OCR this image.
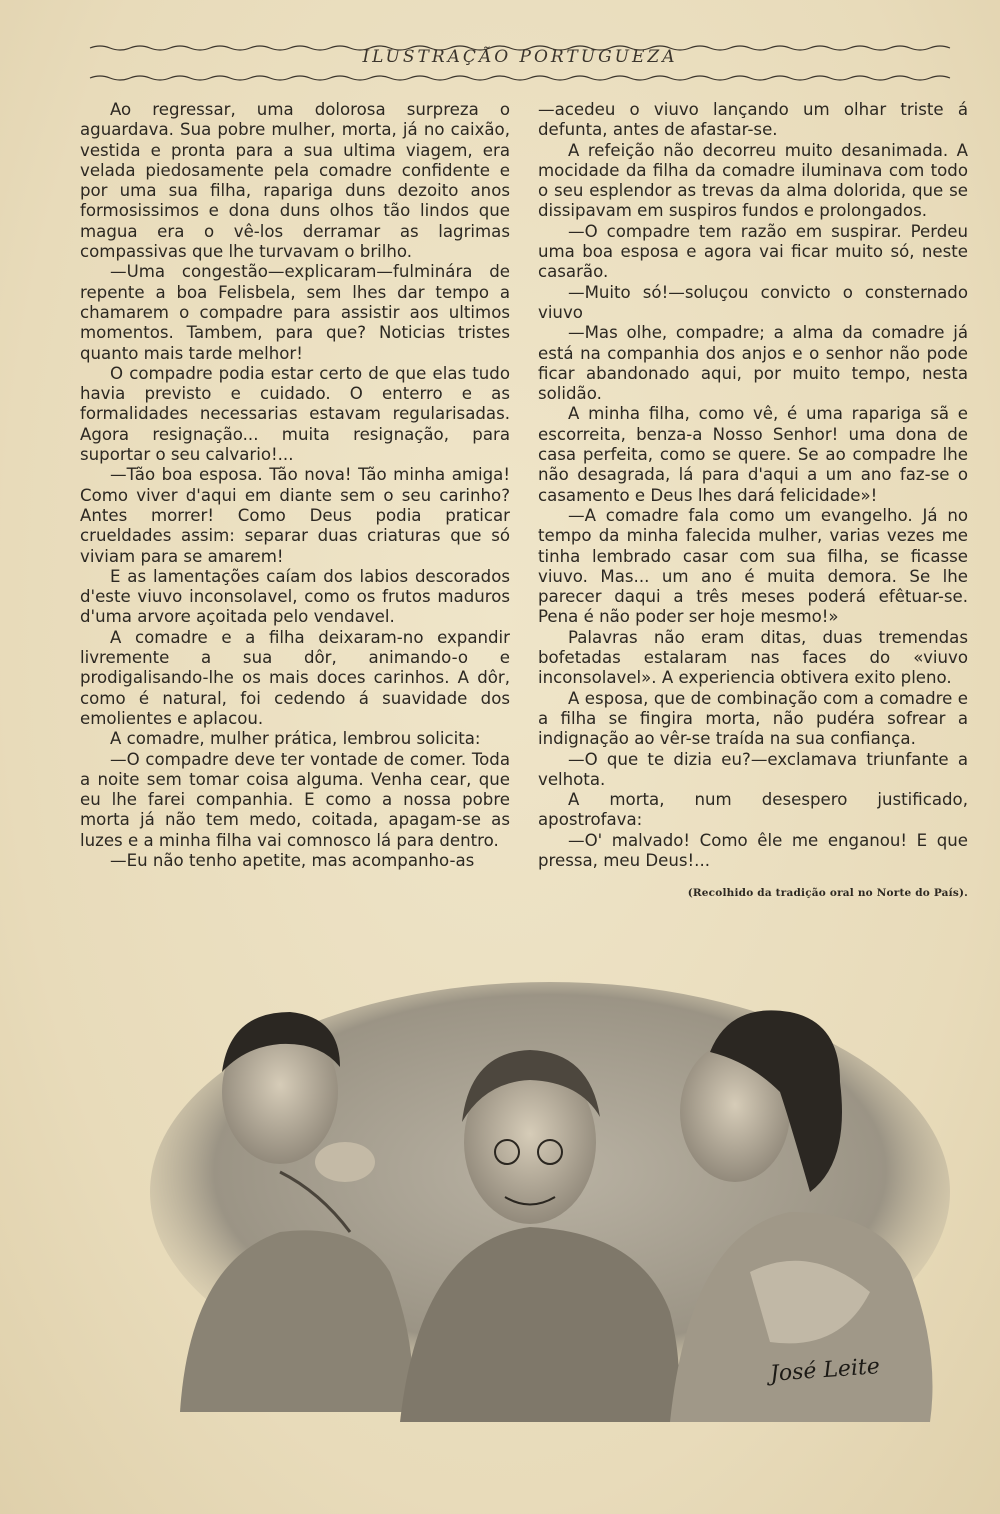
ILUSTRAÇÃO PORTUGUEZA

Ao regressar, uma dolorosa surpreza o aguardava. Sua pobre mulher, morta, já no caixão, vestida e pronta para a sua ultima viagem, era velada piedosamente pela comadre confidente e por uma sua filha, rapariga duns dezoito anos formosissimos e dona duns olhos tão lindos que magua era o vê-los derramar as lagrimas compassivas que lhe turvavam o brilho.

—Uma congestão—explicaram—fulminára de repente a boa Felisbela, sem lhes dar tempo a chamarem o compadre para assistir aos ultimos momentos. Tambem, para que? Noticias tristes quanto mais tarde melhor!

O compadre podia estar certo de que elas tudo havia previsto e cuidado. O enterro e as formalidades necessarias estavam regularisadas. Agora resignação... muita resignação, para suportar o seu calvario!...

—Tão boa esposa. Tão nova! Tão minha amiga! Como viver d'aqui em diante sem o seu carinho? Antes morrer! Como Deus podia praticar crueldades assim: separar duas criaturas que só viviam para se amarem!

E as lamentações caíam dos labios descorados d'este viuvo inconsolavel, como os frutos maduros d'uma arvore açoitada pelo vendavel.

A comadre e a filha deixaram-no expandir livremente a sua dôr, animando-o e prodigalisando-lhe os mais doces carinhos. A dôr, como é natural, foi cedendo á suavidade dos emolientes e aplacou.

A comadre, mulher prática, lembrou solicita:

—O compadre deve ter vontade de comer. Toda a noite sem tomar coisa alguma. Venha cear, que eu lhe farei companhia. E como a nossa pobre morta já não tem medo, coitada, apagam-se as luzes e a minha filha vai comnosco lá para dentro.

—Eu não tenho apetite, mas acompanho-as

—acedeu o viuvo lançando um olhar triste á defunta, antes de afastar-se.

A refeição não decorreu muito desanimada. A mocidade da filha da comadre iluminava com todo o seu esplendor as trevas da alma dolorida, que se dissipavam em suspiros fundos e prolongados.

—O compadre tem razão em suspirar. Perdeu uma boa esposa e agora vai ficar muito só, neste casarão.

—Muito só!—soluçou convicto o consternado viuvo

—Mas olhe, compadre; a alma da comadre já está na companhia dos anjos e o senhor não pode ficar abandonado aqui, por muito tempo, nesta solidão.

A minha filha, como vê, é uma rapariga sã e escorreita, benza-a Nosso Senhor! uma dona de casa perfeita, como se quere. Se ao compadre lhe não desagrada, lá para d'aqui a um ano faz-se o casamento e Deus lhes dará felicidade»!

—A comadre fala como um evangelho. Já no tempo da minha falecida mulher, varias vezes me tinha lembrado casar com sua filha, se ficasse viuvo. Mas... um ano é muita demora. Se lhe parecer daqui a três meses poderá efêtuar-se. Pena é não poder ser hoje mesmo!»

Palavras não eram ditas, duas tremendas bofetadas estalaram nas faces do «viuvo inconsolavel». A experiencia obtivera exito pleno.

A esposa, que de combinação com a comadre e a filha se fingira morta, não pudéra sofrear a indignação ao vêr-se traída na sua confiança.

—O que te dizia eu?—exclamava triunfante a velhota.

A morta, num desespero justificado, apostrofava:

—O' malvado! Como êle me enganou! E que pressa, meu Deus!...

(Recolhido da tradição oral no Norte do País).
José Leite
